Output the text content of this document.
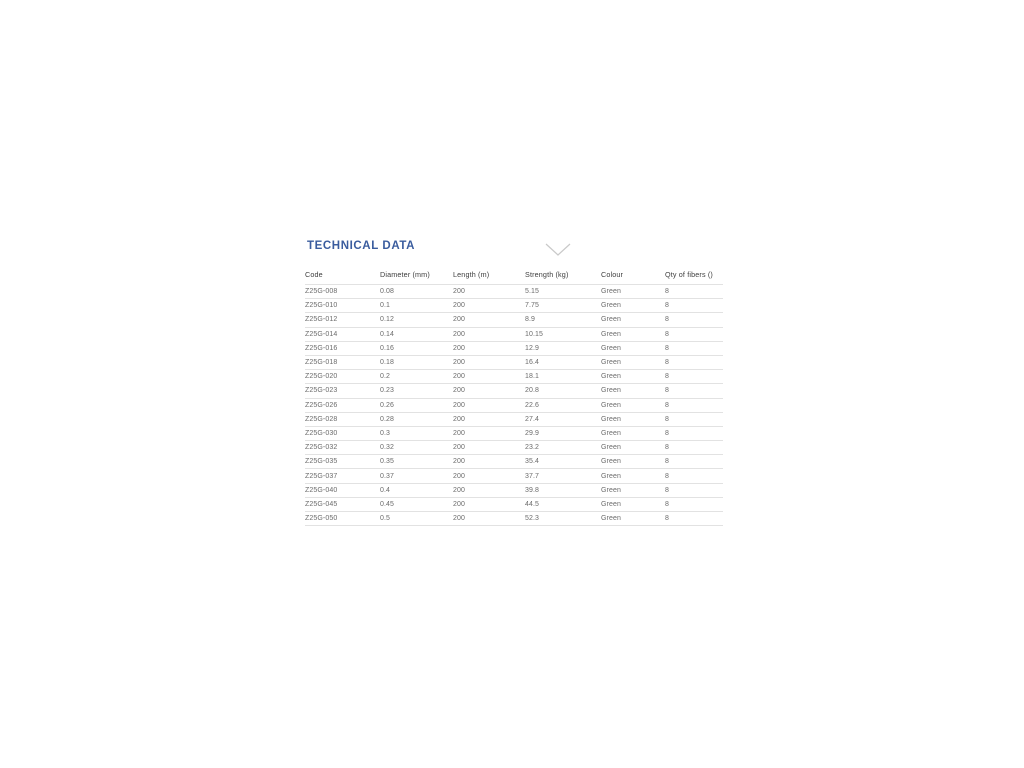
TECHNICAL DATA
Code	Diameter (mm)	Length (m)	Strength (kg)	Colour	Qty of fibers ()
Z25G-008	0.08	200	5.15	Green	8
Z25G-010	0.1	200	7.75	Green	8
Z25G-012	0.12	200	8.9	Green	8
Z25G-014	0.14	200	10.15	Green	8
Z25G-016	0.16	200	12.9	Green	8
Z25G-018	0.18	200	16.4	Green	8
Z25G-020	0.2	200	18.1	Green	8
Z25G-023	0.23	200	20.8	Green	8
Z25G-026	0.26	200	22.6	Green	8
Z25G-028	0.28	200	27.4	Green	8
Z25G-030	0.3	200	29.9	Green	8
Z25G-032	0.32	200	23.2	Green	8
Z25G-035	0.35	200	35.4	Green	8
Z25G-037	0.37	200	37.7	Green	8
Z25G-040	0.4	200	39.8	Green	8
Z25G-045	0.45	200	44.5	Green	8
Z25G-050	0.5	200	52.3	Green	8
